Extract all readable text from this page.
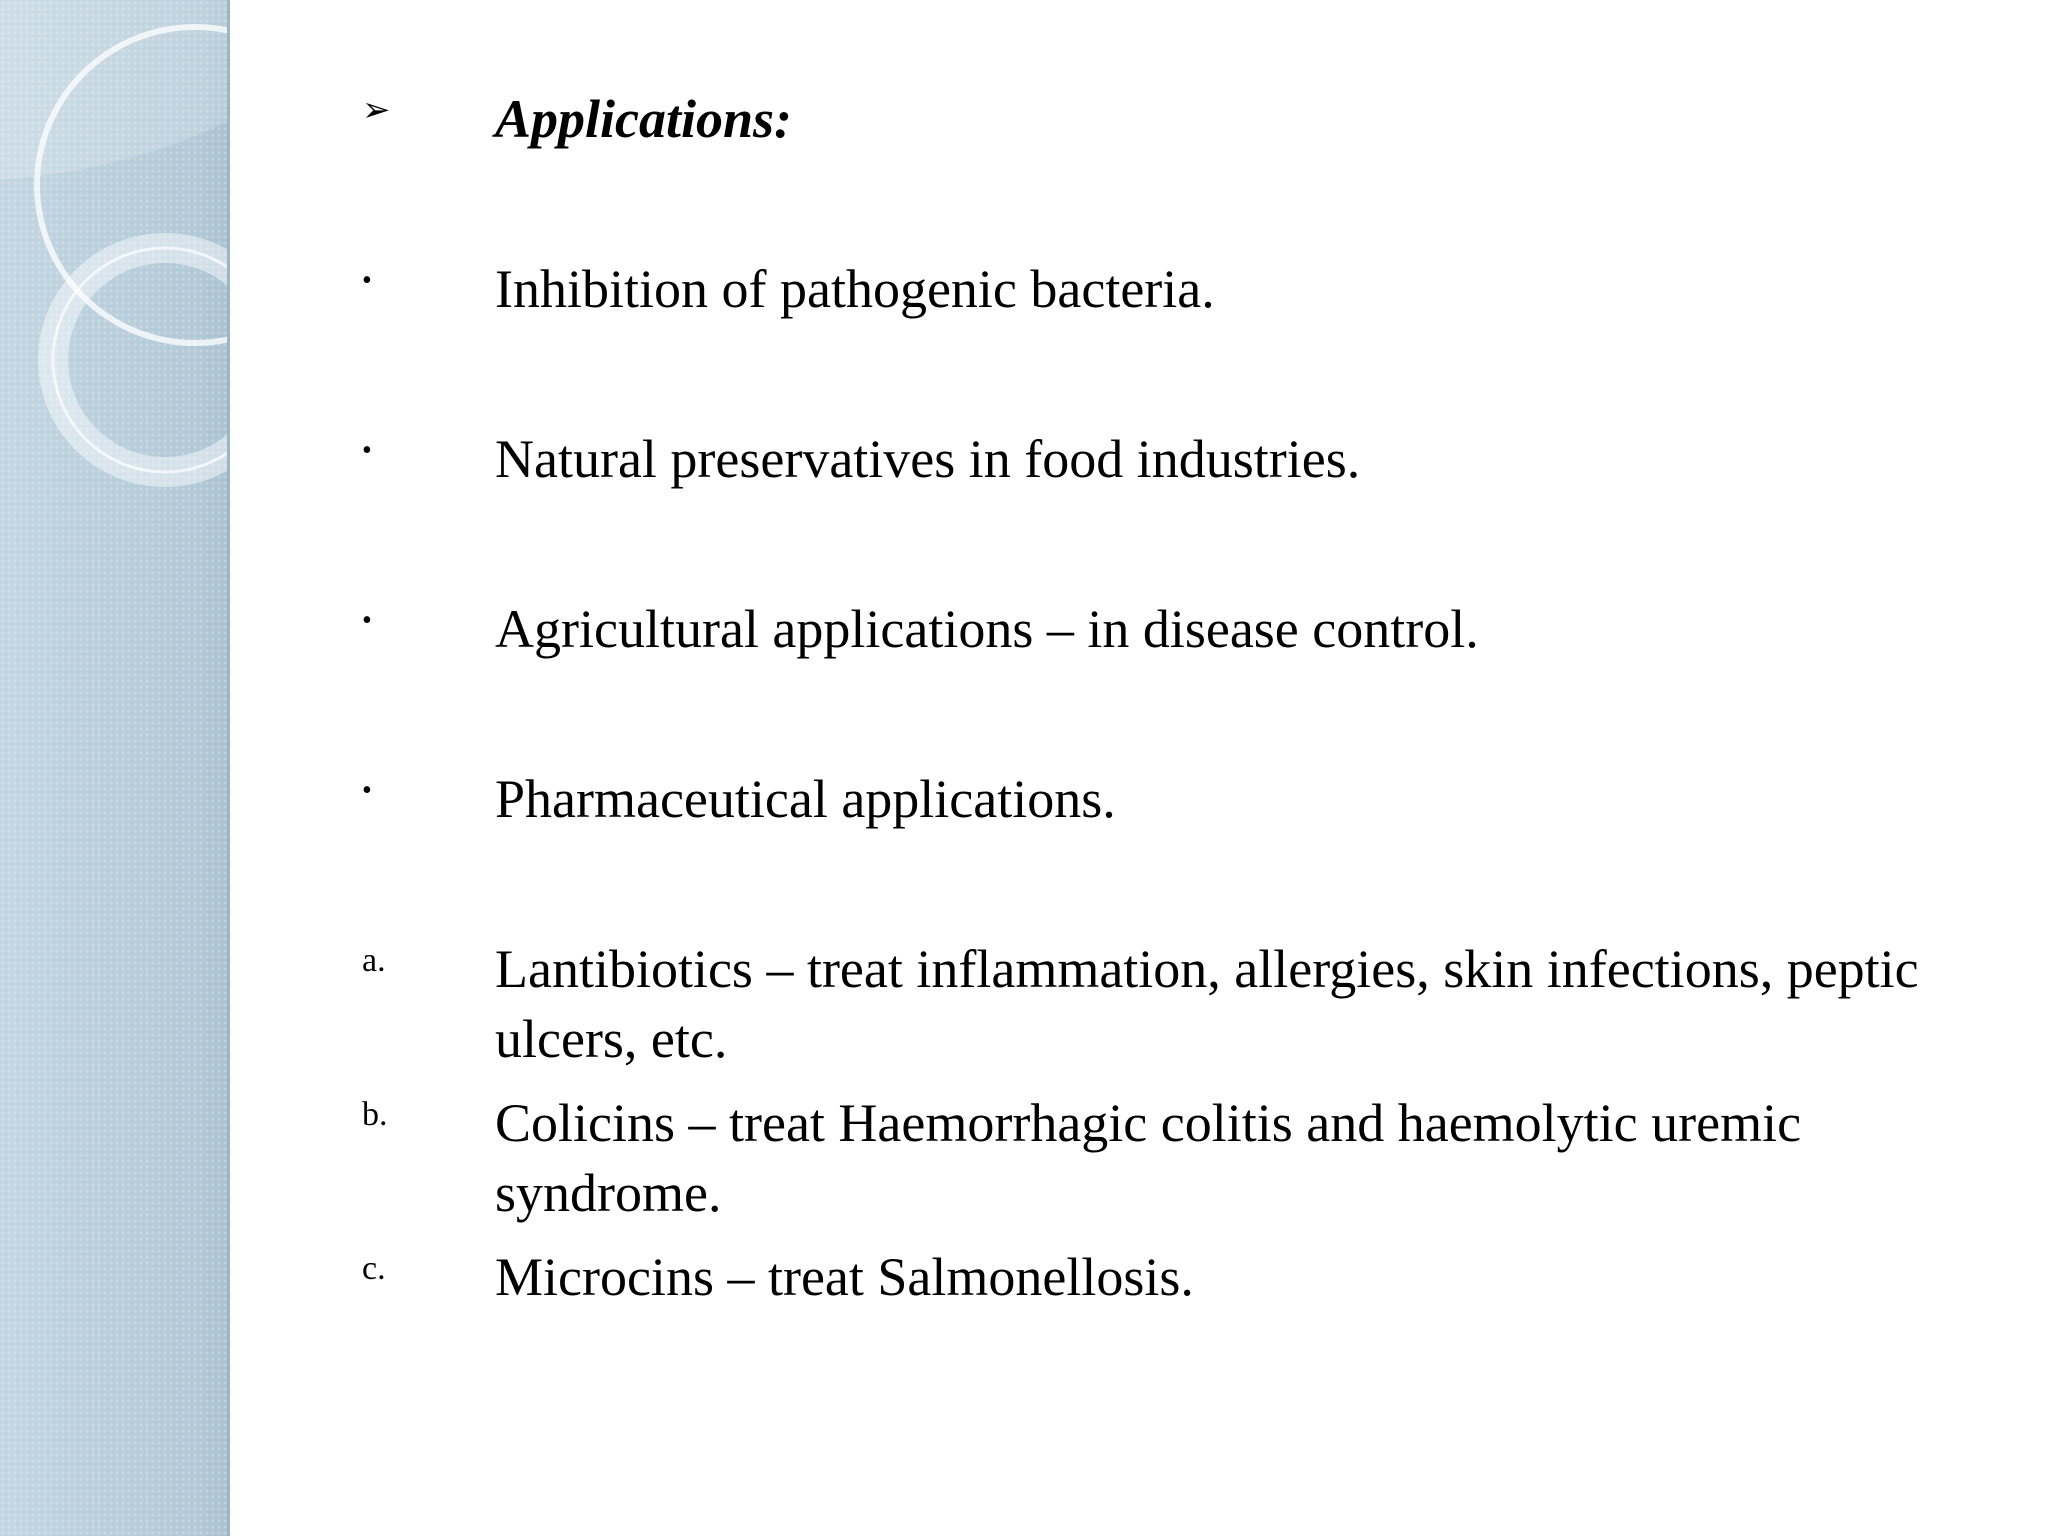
➢	Applications:
•	Inhibition of pathogenic bacteria.
•	Natural preservatives in food industries.
•	Agricultural applications – in disease control.
•	Pharmaceutical applications.
a.	Lantibiotics – treat inflammation, allergies, skin infections, peptic ulcers, etc.
b.	Colicins – treat Haemorrhagic colitis and haemolytic uremic syndrome.
c.	Microcins – treat Salmonellosis.
